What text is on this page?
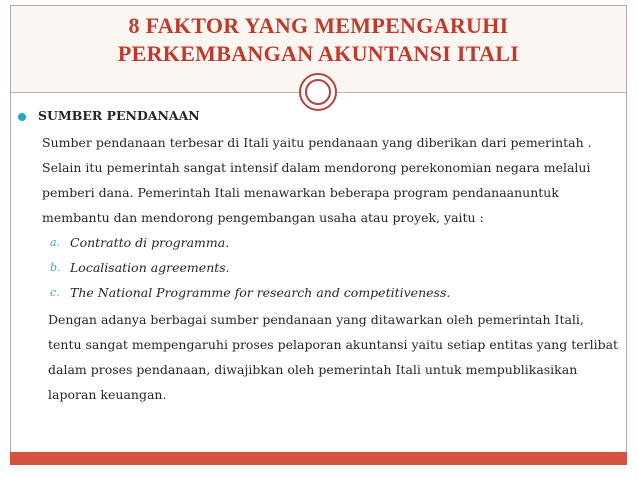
8 FAKTOR YANG MEMPENGARUHI
PERKEMBANGAN AKUNTANSI ITALI
SUMBER PENDANAAN
Sumber pendanaan terbesar di Itali yaitu pendanaan yang diberikan dari pemerintah .
Selain itu pemerintah sangat intensif dalam mendorong perekonomian negara melalui
pemberi dana. Pemerintah Itali menawarkan beberapa program pendanaanuntuk
membantu dan mendorong pengembangan usaha atau proyek, yaitu :
a. Contratto di programma.
b. Localisation agreements.
c. The National Programme for research and competitiveness.
Dengan adanya berbagai sumber pendanaan yang ditawarkan oleh pemerintah Itali,
tentu sangat mempengaruhi proses pelaporan akuntansi yaitu setiap entitas yang terlibat
dalam proses pendanaan, diwajibkan oleh pemerintah Itali untuk mempublikasikan
laporan keuangan.
